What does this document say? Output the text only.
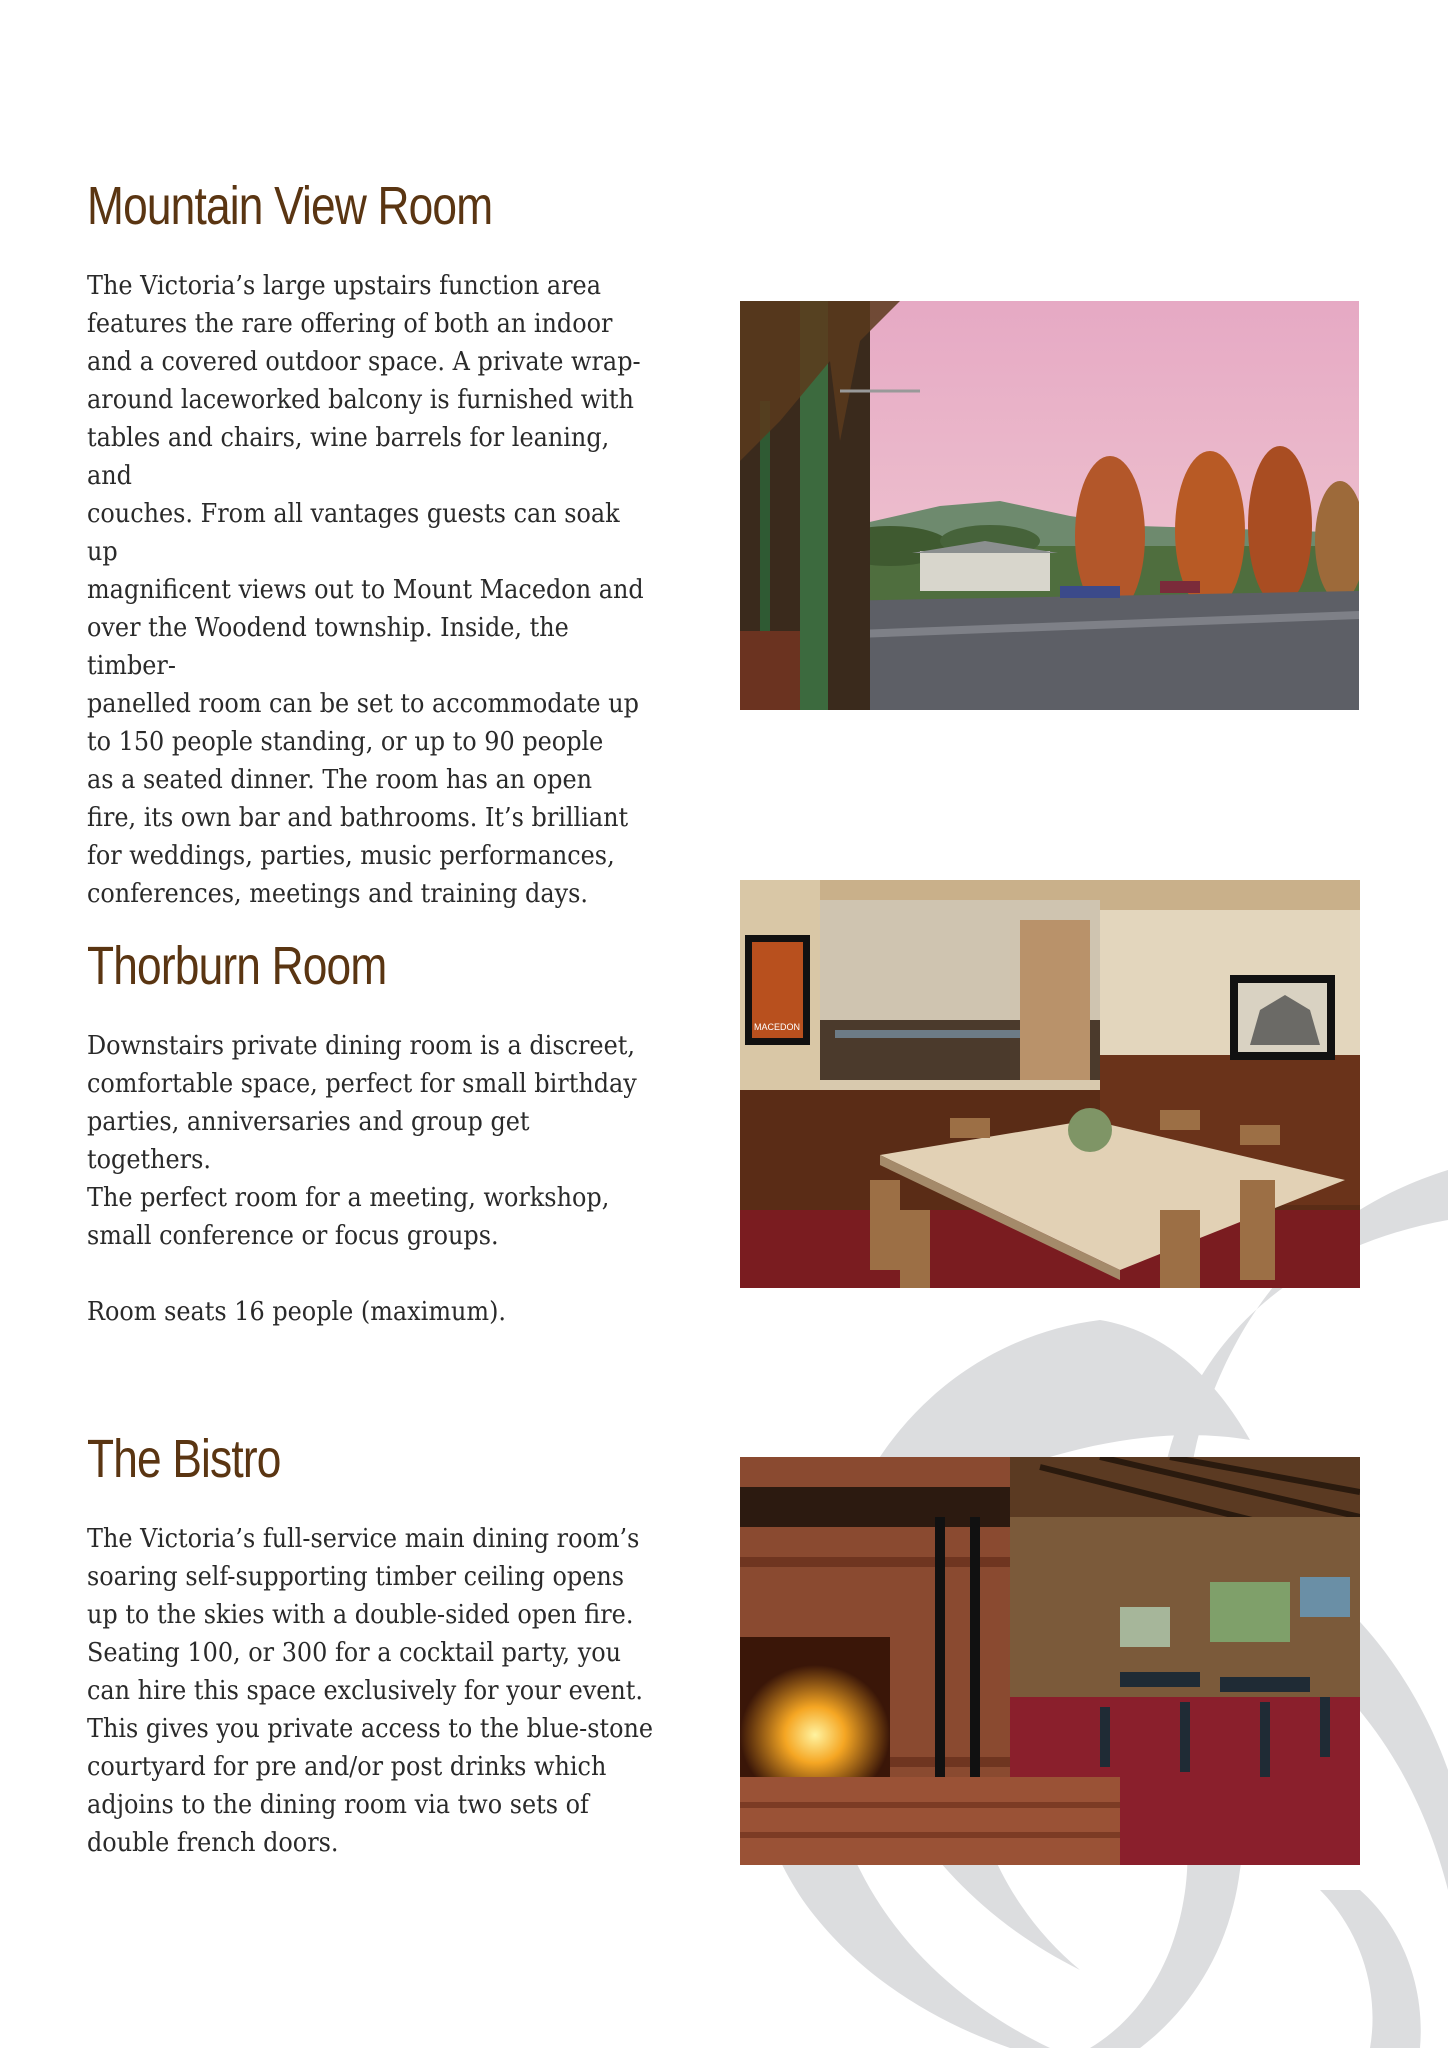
Mountain View Room

The Victoria’s large upstairs function area
features the rare offering of both an indoor
and a covered outdoor space. A private wrap-
around laceworked balcony is furnished with
tables and chairs, wine barrels for leaning, and
couches. From all vantages guests can soak up
magnificent views out to Mount Macedon and
over the Woodend township. Inside, the timber-
panelled room can be set to accommodate up
to 150 people standing, or up to 90 people
as a seated dinner. The room has an open
fire, its own bar and bathrooms. It’s brilliant
for weddings, parties, music performances,
conferences, meetings and training days.

Thorburn Room

Downstairs private dining room is a discreet,
comfortable space, perfect for small birthday
parties, anniversaries and group get togethers.
The perfect room for a meeting, workshop,
small conference or focus groups.

Room seats 16 people (maximum).

The Bistro

The Victoria’s full-service main dining room’s
soaring self-supporting timber ceiling opens
up to the skies with a double-sided open fire.
Seating 100, or 300 for a cocktail party, you
can hire this space exclusively for your event.
This gives you private access to the blue-stone
courtyard for pre and/or post drinks which
adjoins to the dining room via two sets of
double french doors.

MACEDON
